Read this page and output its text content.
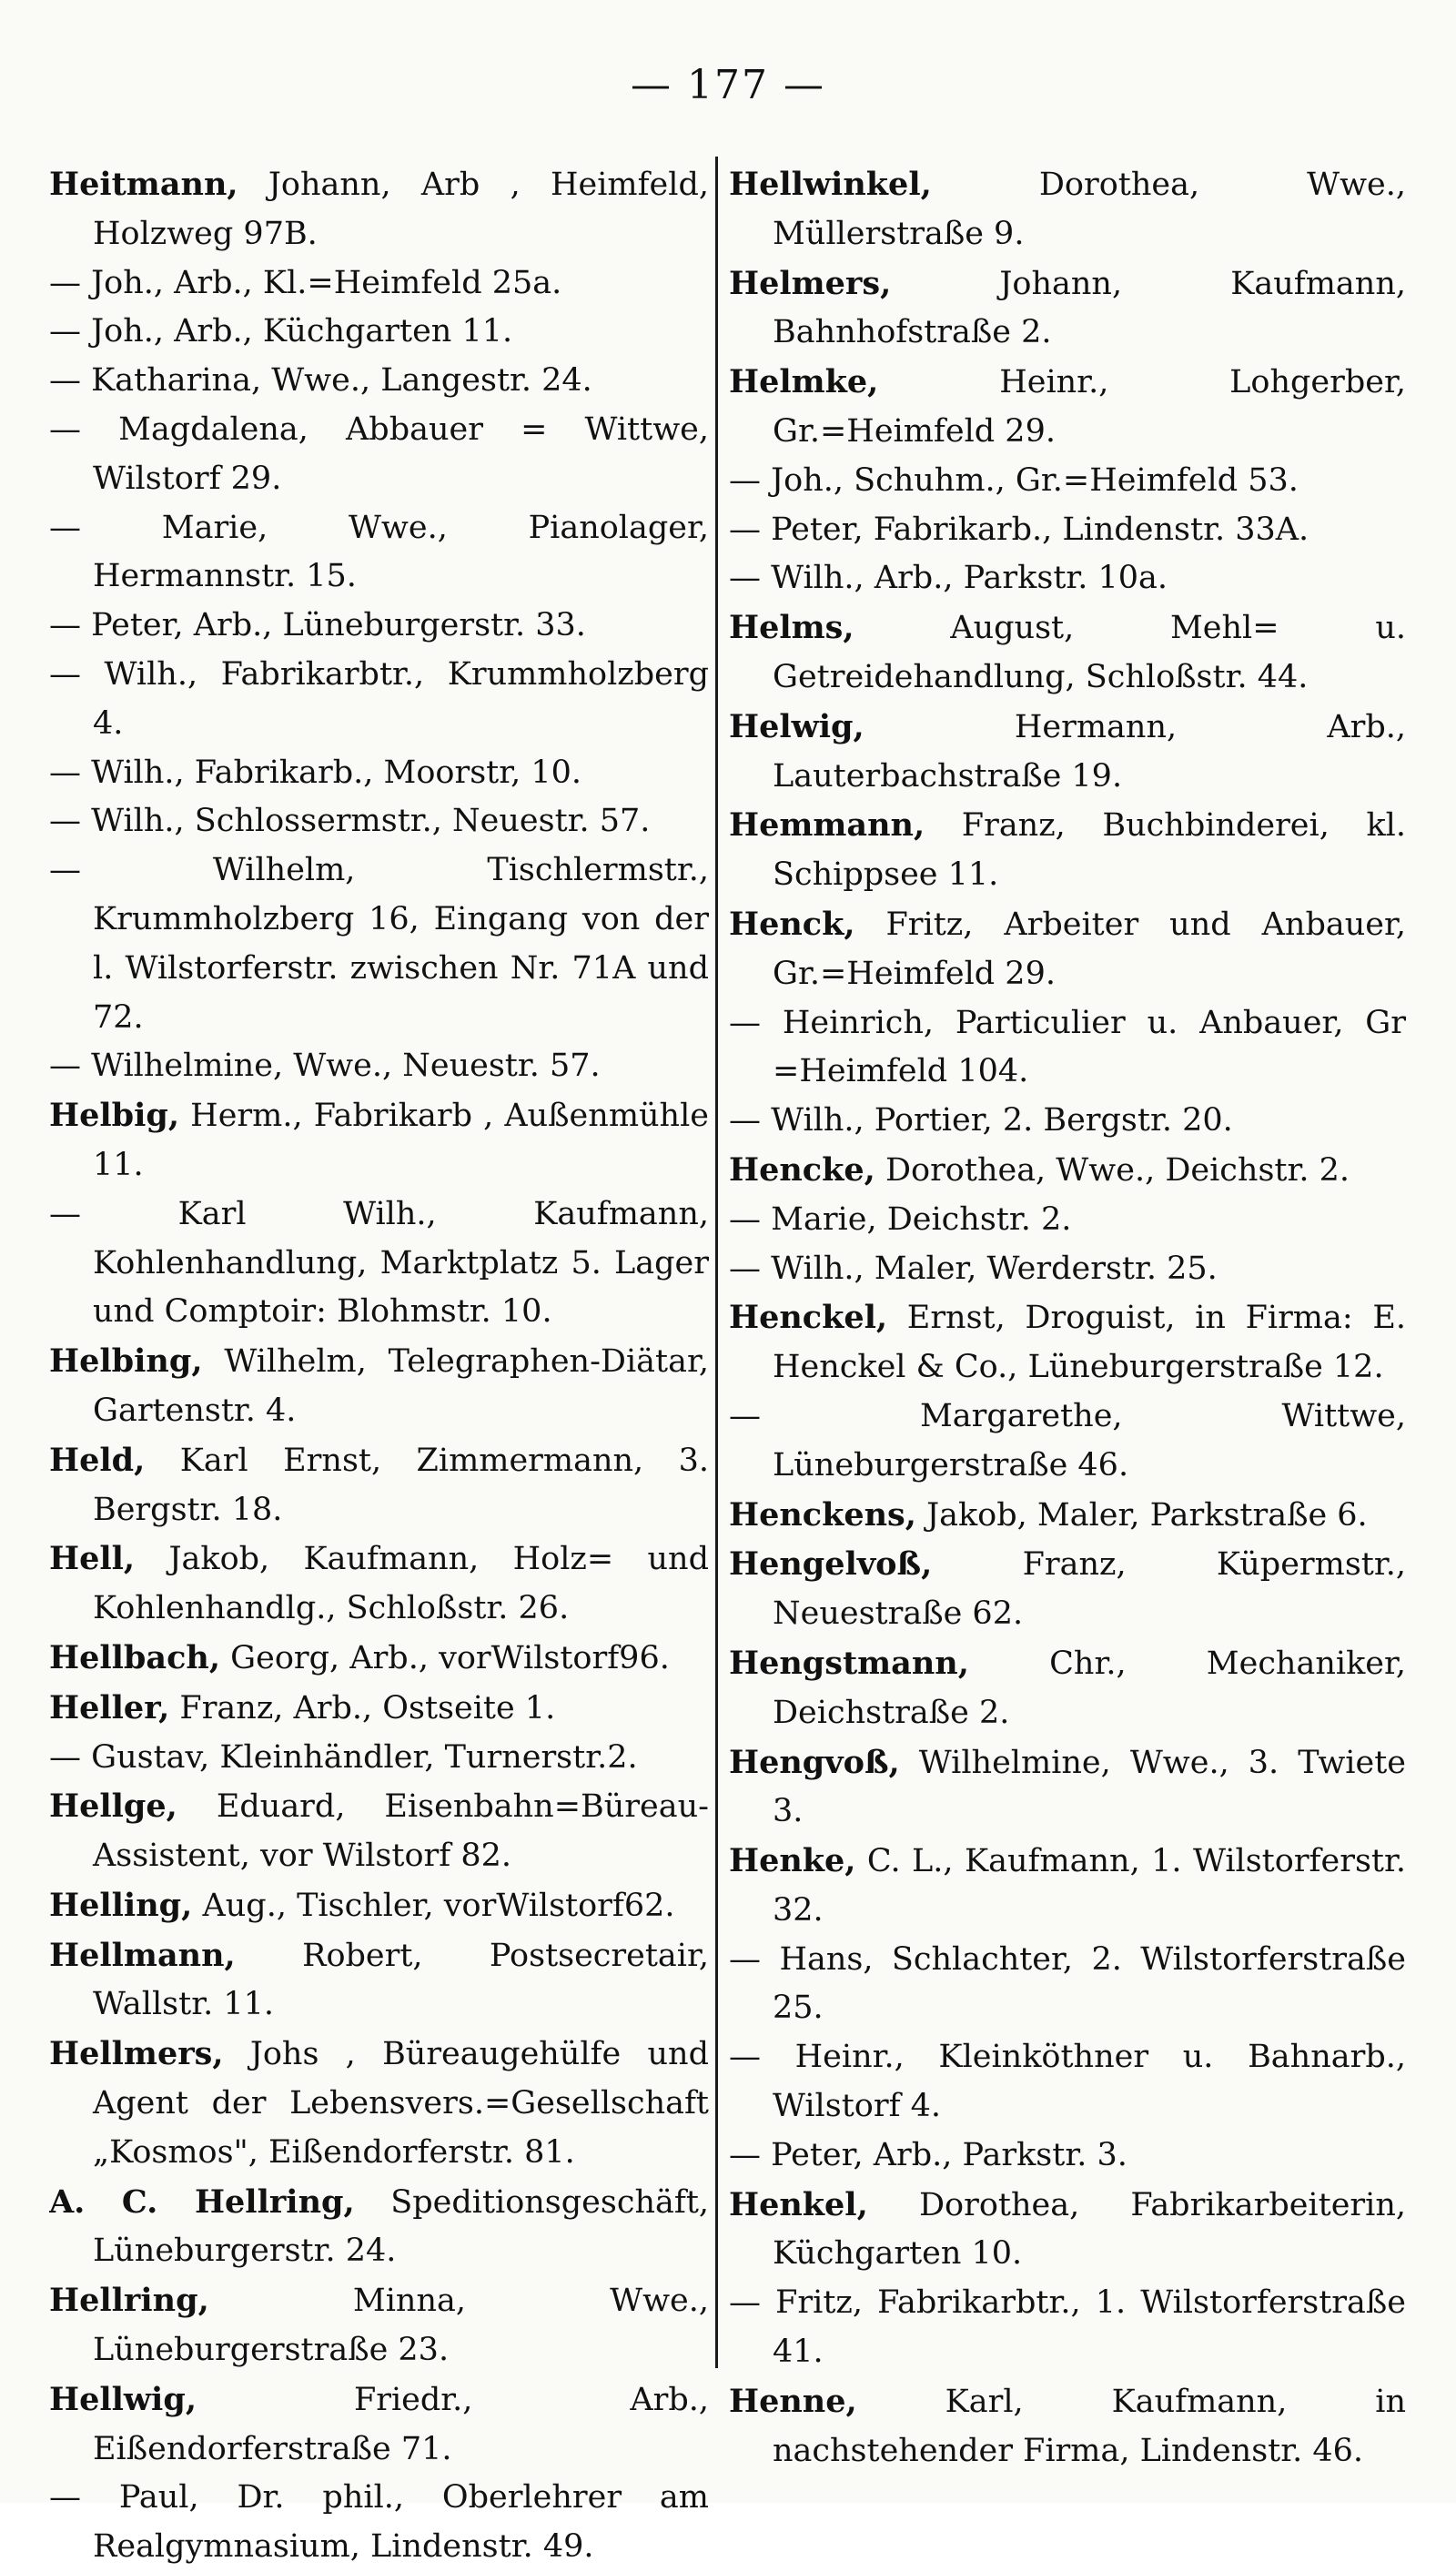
— 177 —
Heitmann, Johann, Arb , Heimfeld, Holzweg 97B.
— Joh., Arb., Kl.=Heimfeld 25a.
— Joh., Arb., Küchgarten 11.
— Katharina, Wwe., Langestr. 24.
— Magdalena, Abbauer = Wittwe, Wilstorf 29.
— Marie, Wwe., Pianolager, Hermannstr. 15.
— Peter, Arb., Lüneburgerstr. 33.
— Wilh., Fabrikarbtr., Krummholzberg 4.
— Wilh., Fabrikarb., Moorstr, 10.
— Wilh., Schlossermstr., Neuestr. 57.
— Wilhelm, Tischlermstr., Krummholzberg 16, Eingang von der l. Wilstorferstr. zwischen Nr. 71A und 72.
— Wilhelmine, Wwe., Neuestr. 57.
Helbig, Herm., Fabrikarb , Außenmühle 11.
— Karl Wilh., Kaufmann, Kohlenhandlung, Marktplatz 5. Lager und Comptoir: Blohmstr. 10.
Helbing, Wilhelm, Telegraphen-Diätar, Gartenstr. 4.
Held, Karl Ernst, Zimmermann, 3. Bergstr. 18.
Hell, Jakob, Kaufmann, Holz= und Kohlenhandlg., Schloßstr. 26.
Hellbach, Georg, Arb., vorWilstorf96.
Heller, Franz, Arb., Ostseite 1.
— Gustav, Kleinhändler, Turnerstr.2.
Hellge, Eduard, Eisenbahn=Büreau-Assistent, vor Wilstorf 82.
Helling, Aug., Tischler, vorWilstorf62.
Hellmann, Robert, Postsecretair, Wallstr. 11.
Hellmers, Johs , Büreaugehülfe und Agent der Lebensvers.=Gesellschaft „Kosmos", Eißendorferstr. 81.
A. C. Hellring, Speditionsgeschäft, Lüneburgerstr. 24.
Hellring, Minna, Wwe., Lüneburgerstraße 23.
Hellwig, Friedr., Arb., Eißendorferstraße 71.
— Paul, Dr. phil., Oberlehrer am Realgymnasium, Lindenstr. 49.
Hellwinkel, Dorothea, Wwe., Müllerstraße 9.
Helmers, Johann, Kaufmann, Bahnhofstraße 2.
Helmke, Heinr., Lohgerber, Gr.=Heimfeld 29.
— Joh., Schuhm., Gr.=Heimfeld 53.
— Peter, Fabrikarb., Lindenstr. 33A.
— Wilh., Arb., Parkstr. 10a.
Helms, August, Mehl= u. Getreidehandlung, Schloßstr. 44.
Helwig, Hermann, Arb., Lauterbachstraße 19.
Hemmann, Franz, Buchbinderei, kl. Schippsee 11.
Henck, Fritz, Arbeiter und Anbauer, Gr.=Heimfeld 29.
— Heinrich, Particulier u. Anbauer, Gr =Heimfeld 104.
— Wilh., Portier, 2. Bergstr. 20.
Hencke, Dorothea, Wwe., Deichstr. 2.
— Marie, Deichstr. 2.
— Wilh., Maler, Werderstr. 25.
Henckel, Ernst, Droguist, in Firma: E. Henckel & Co., Lüneburgerstraße 12.
— Margarethe, Wittwe, Lüneburgerstraße 46.
Henckens, Jakob, Maler, Parkstraße 6.
Hengelvoß, Franz, Küpermstr., Neuestraße 62.
Hengstmann, Chr., Mechaniker, Deichstraße 2.
Hengvoß, Wilhelmine, Wwe., 3. Twiete 3.
Henke, C. L., Kaufmann, 1. Wilstorferstr. 32.
— Hans, Schlachter, 2. Wilstorferstraße 25.
— Heinr., Kleinköthner u. Bahnarb., Wilstorf 4.
— Peter, Arb., Parkstr. 3.
Henkel, Dorothea, Fabrikarbeiterin, Küchgarten 10.
— Fritz, Fabrikarbtr., 1. Wilstorferstraße 41.
Henne, Karl, Kaufmann, in nachstehender Firma, Lindenstr. 46.
